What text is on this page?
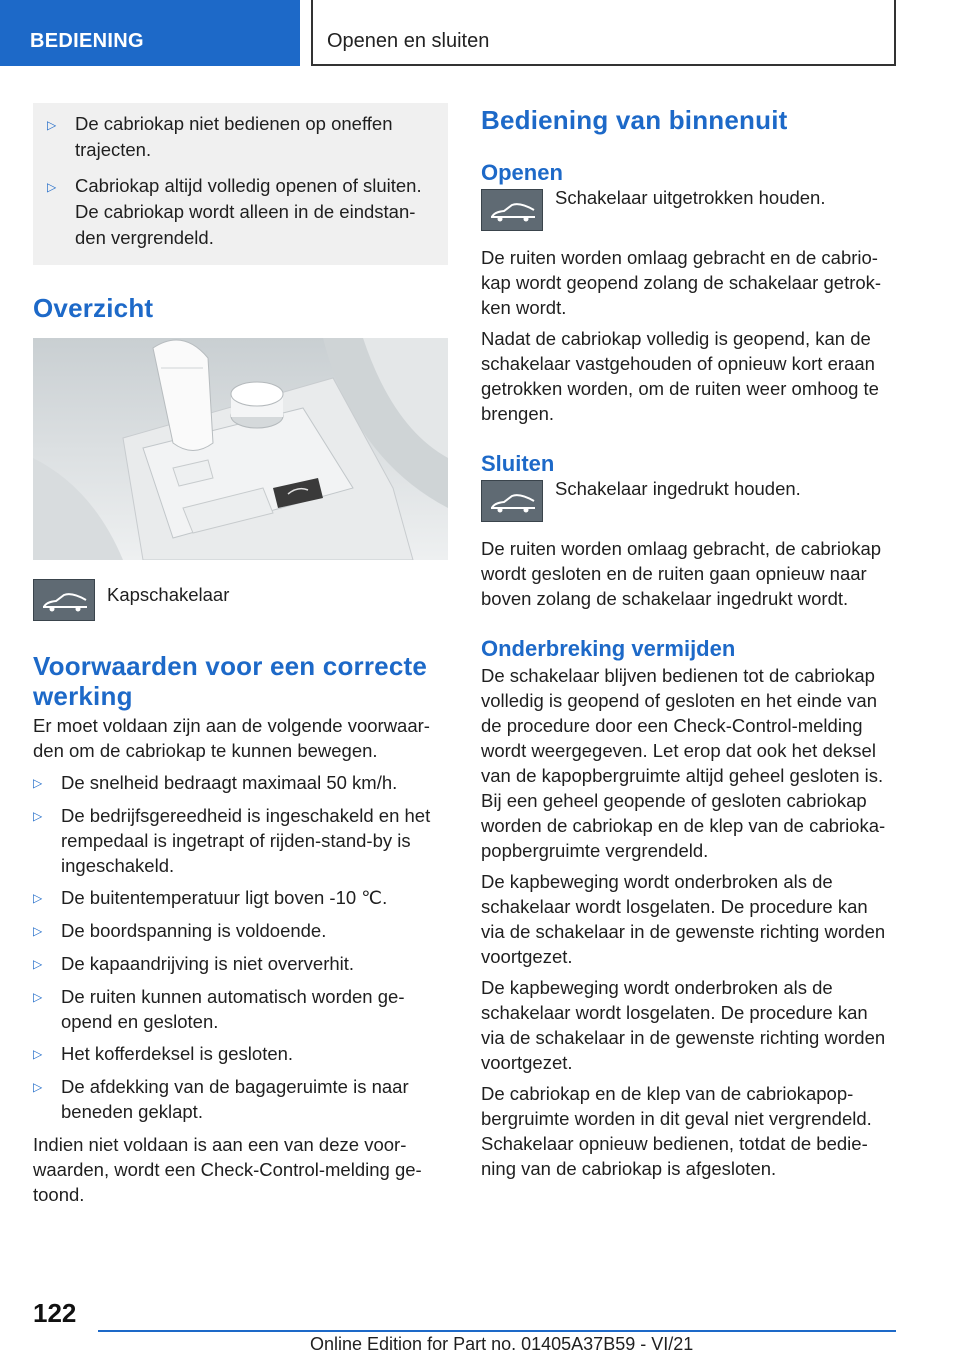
BEDIENING	Openen en sluiten
▷
De cabriokap niet bedienen op oneffen trajecten.
▷
Cabriokap altijd volledig openen of sluiten. De cabriokap wordt alleen in de eindstanden vergrendeld.
Overzicht
Kapschakelaar
Voorwaarden voor een correcte werking

Er moet voldaan zijn aan de volgende voorwaarden om de cabriokap te kunnen bewegen.

▷
De snelheid bedraagt maximaal 50 km/h.
▷
De bedrijfsgereedheid is ingeschakeld en het rempedaal is ingetrapt of rijden-stand-by is ingeschakeld.
▷
De buitentemperatuur ligt boven -10 ℃.
▷
De boordspanning is voldoende.
▷
De kapaandrijving is niet oververhit.
▷
De ruiten kunnen automatisch worden geopend en gesloten.
▷
Het kofferdeksel is gesloten.
▷
De afdekking van de bagageruimte is naar beneden geklapt.

Indien niet voldaan is aan een van deze voorwaarden, wordt een Check-Control-melding getoond.

Bediening van binnenuit
Openen
Schakelaar uitgetrokken houden.

De ruiten worden omlaag gebracht en de cabriokap wordt geopend zolang de schakelaar getrokken wordt.

Nadat de cabriokap volledig is geopend, kan de schakelaar vastgehouden of opnieuw kort eraan getrokken worden, om de ruiten weer omhoog te brengen.

Sluiten
Schakelaar ingedrukt houden.

De ruiten worden omlaag gebracht, de cabriokap wordt gesloten en de ruiten gaan opnieuw naar boven zolang de schakelaar ingedrukt wordt.

Onderbreking vermijden

De schakelaar blijven bedienen tot de cabriokap volledig is geopend of gesloten en het einde van de procedure door een Check-Control-melding wordt weergegeven. Let erop dat ook het deksel van de kapopbergruimte altijd geheel gesloten is. Bij een geheel geopende of gesloten cabriokap worden de cabriokap en de klep van de cabriokapopbergruimte vergrendeld.

De kapbeweging wordt onderbroken als de schakelaar wordt losgelaten. De procedure kan via de schakelaar in de gewenste richting worden voortgezet.

De kapbeweging wordt onderbroken als de schakelaar wordt losgelaten. De procedure kan via de schakelaar in de gewenste richting worden voortgezet.

De cabriokap en de klep van de cabriokapopbergruimte worden in dit geval niet vergrendeld. Schakelaar opnieuw bedienen, totdat de bediening van de cabriokap is afgesloten.

122
Online Edition for Part no. 01405A37B59 - VI/21
